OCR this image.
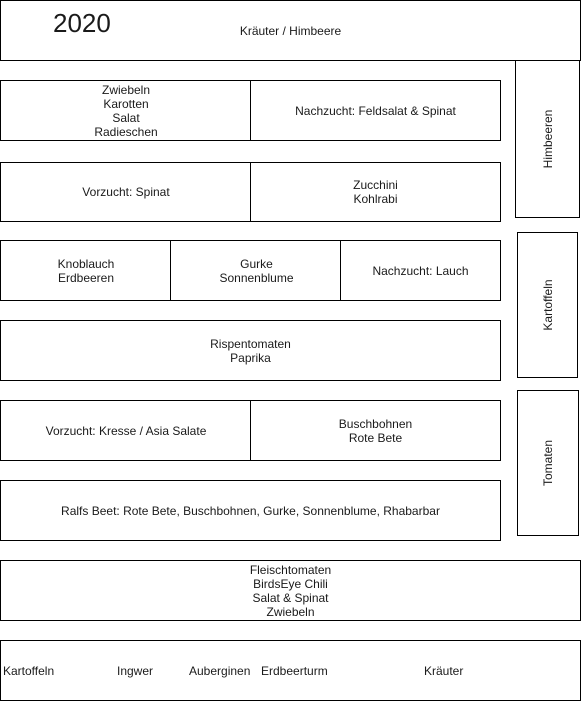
2020	Kräuter / Himbeere
Himbeeren
Kartoffeln
Tomaten
Zwiebeln
Karotten
Salat
Radieschen
Nachzucht: Feldsalat & Spinat
Vorzucht: Spinat	Zucchini
Kohlrabi
Knoblauch
Erdbeeren
Gurke
Sonnenblume	Nachzucht: Lauch
Rispentomaten
Paprika
Vorzucht: Kresse / Asia Salate	Buschbohnen
Rote Bete
Ralfs Beet: Rote Bete, Buschbohnen, Gurke, Sonnenblume, Rhabarbar
Fleischtomaten
BirdsEye Chili
Salat & Spinat
Zwiebeln
Kartoffeln	Ingwer	Auberginen Erdbeerturm	Kräuter
